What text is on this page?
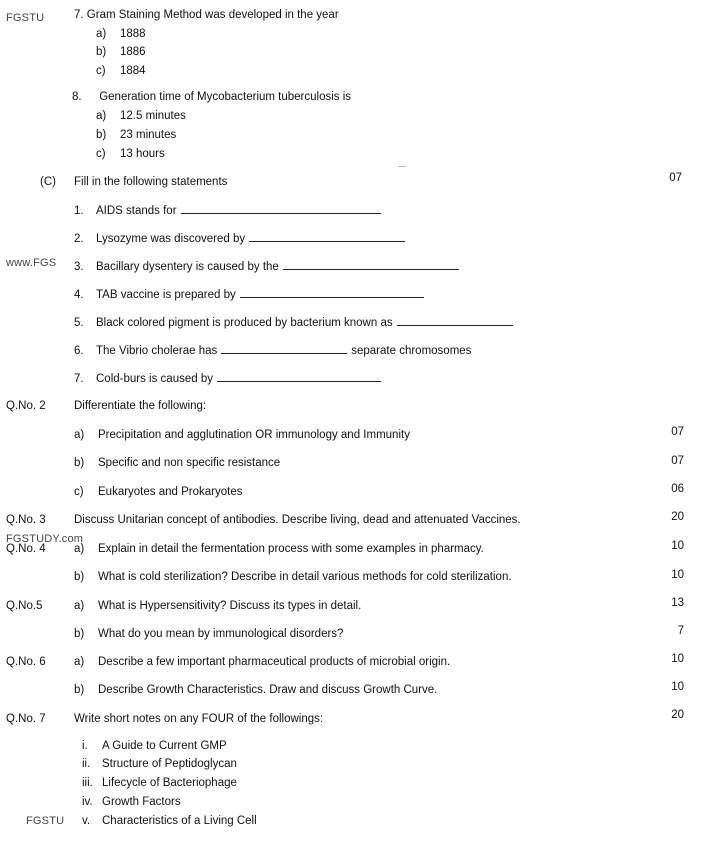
FGSTU
www.FGS
FGSTUDY.com
FGSTU
7. Gram Staining Method was developed in the year
a) 1888
b) 1886
c) 1884
8. Generation time of Mycobacterium tuberculosis is
a) 12.5 minutes
b) 23 minutes
c) 13 hours
(C) Fill in the following statements	07
1. AIDS stands for
2. Lysozyme was discovered by
3. Bacillary dysentery is caused by the
4. TAB vaccine is prepared by
5. Black colored pigment is produced by bacterium known as
6. The Vibrio cholerae has	separate chromosomes
7. Cold-burs is caused by
Q.No. 2 Differentiate the following:
a) Precipitation and agglutination OR immunology and Immunity	07
b) Specific and non specific resistance	07
c) Eukaryotes and Prokaryotes	06
Q.No. 3 Discuss Unitarian concept of antibodies. Describe living, dead and attenuated Vaccines.	20
Q.No. 4 a) Explain in detail the fermentation process with some examples in pharmacy.	10
b) What is cold sterilization? Describe in detail various methods for cold sterilization.	10
Q.No.5	a) What is Hypersensitivity? Discuss its types in detail.	13
b) What do you mean by immunological disorders?	7
Q.No. 6 a) Describe a few important pharmaceutical products of microbial origin.	10
b) Describe Growth Characteristics. Draw and discuss Growth Curve.	10
Q.No. 7 Write short notes on any FOUR of the followings:	20
i. A Guide to Current GMP
ii. Structure of Peptidoglycan
iii. Lifecycle of Bacteriophage
iv. Growth Factors
v. Characteristics of a Living Cell
